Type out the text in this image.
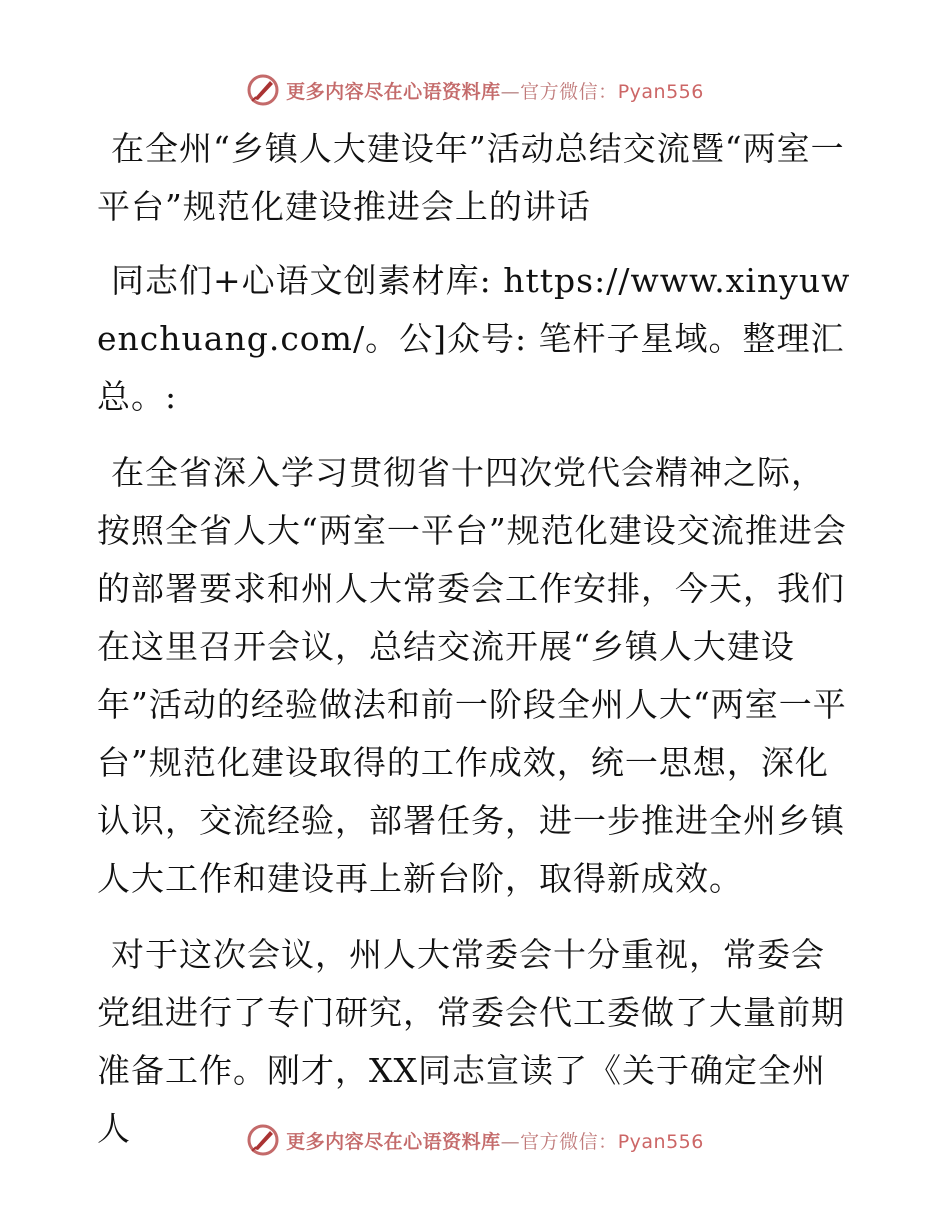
更多内容尽在心语资料库—官方微信：Pyan556

在全州“乡镇人大建设年”活动总结交流暨“两室一平台”规范化建设推进会上的讲话

同志们+心语文创素材库: https://www.xinyuwenchuang.com/。公]众号: 笔杆子星域。整理汇总。:

在全省深入学习贯彻省十四次党代会精神之际，按照全省人大“两室一平台”规范化建设交流推进会的部署要求和州人大常委会工作安排，今天，我们在这里召开会议，总结交流开展“乡镇人大建设年”活动的经验做法和前一阶段全州人大“两室一平台”规范化建设取得的工作成效，统一思想，深化认识，交流经验，部署任务，进一步推进全州乡镇人大工作和建设再上新台阶，取得新成效。

对于这次会议，州人大常委会十分重视，常委会党组进行了专门研究，常委会代工委做了大量前期准备工作。刚才，XX同志宣读了《关于确定全州人	更多内容尽在心语资料库—官方微信：Pyan556
